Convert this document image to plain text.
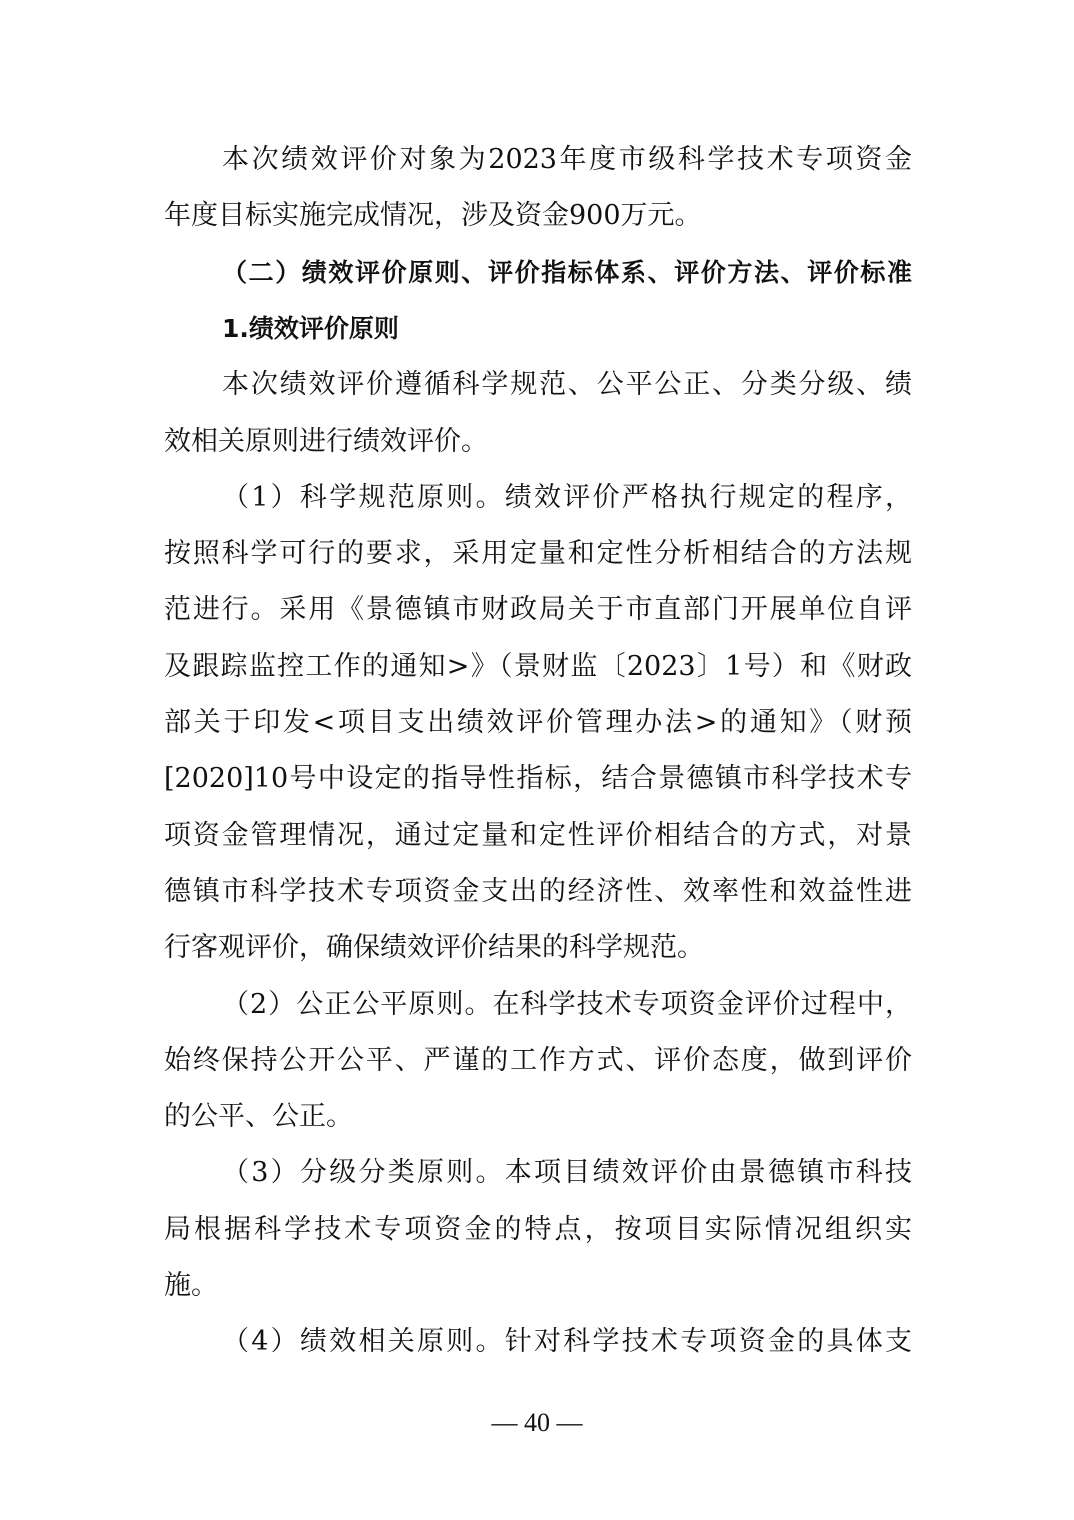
本次绩效评价对象为2023年度市级科学技术专项资金
年度目标实施完成情况，涉及资金900万元。
（二）绩效评价原则、评价指标体系、评价方法、评价标准
1.绩效评价原则
本次绩效评价遵循科学规范、公平公正、分类分级、绩
效相关原则进行绩效评价。
（1）科学规范原则。绩效评价严格执行规定的程序，
按照科学可行的要求，采用定量和定性分析相结合的方法规
范进行。采用《景德镇市财政局关于市直部门开展单位自评
及跟踪监控工作的通知>》（景财监〔2023〕1号）和《财政
部关于印发<项目支出绩效评价管理办法>的通知》（财预
[2020]10号中设定的指导性指标，结合景德镇市科学技术专
项资金管理情况，通过定量和定性评价相结合的方式，对景
德镇市科学技术专项资金支出的经济性、效率性和效益性进
行客观评价，确保绩效评价结果的科学规范。
（2）公正公平原则。在科学技术专项资金评价过程中，
始终保持公开公平、严谨的工作方式、评价态度，做到评价
的公平、公正。
（3）分级分类原则。本项目绩效评价由景德镇市科技
局根据科学技术专项资金的特点，按项目实际情况组织实
施。
（4）绩效相关原则。针对科学技术专项资金的具体支
— 40 —
